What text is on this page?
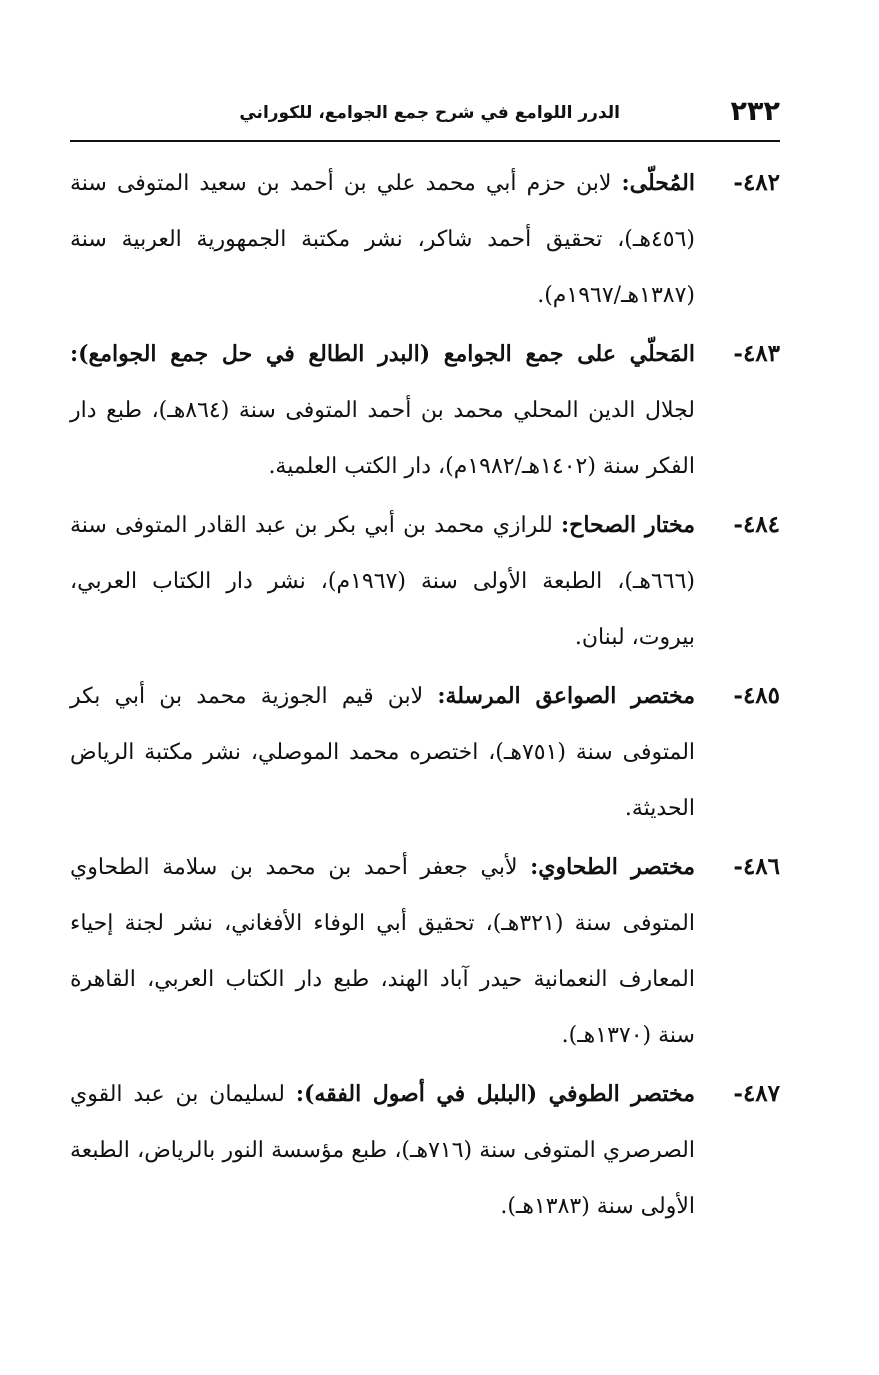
٢٣٢
الدرر اللوامع في شرح جمع الجوامع، للكوراني
٤٨٢-
المُحلّى: لابن حزم أبي محمد علي بن أحمد بن سعيد المتوفى سنة (٤٥٦هـ)، تحقيق أحمد شاكر، نشر مكتبة الجمهورية العربية سنة (١٣٨٧هـ/١٩٦٧م).
٤٨٣-
المَحلّي على جمع الجوامع (البدر الطالع في حل جمع الجوامع): لجلال الدين المحلي محمد بن أحمد المتوفى سنة (٨٦٤هـ)، طبع دار الفكر سنة (١٤٠٢هـ/١٩٨٢م)، دار الكتب العلمية.
٤٨٤-
مختار الصحاح: للرازي محمد بن أبي بكر بن عبد القادر المتوفى سنة (٦٦٦هـ)، الطبعة الأولى سنة (١٩٦٧م)، نشر دار الكتاب العربي، بيروت، لبنان.
٤٨٥-
مختصر الصواعق المرسلة: لابن قيم الجوزية محمد بن أبي بكر المتوفى سنة (٧٥١هـ)، اختصره محمد الموصلي، نشر مكتبة الرياض الحديثة.
٤٨٦-
مختصر الطحاوي: لأبي جعفر أحمد بن محمد بن سلامة الطحاوي المتوفى سنة (٣٢١هـ)، تحقيق أبي الوفاء الأفغاني، نشر لجنة إحياء المعارف النعمانية حيدر آباد الهند، طبع دار الكتاب العربي، القاهرة سنة (١٣٧٠هـ).
٤٨٧-
مختصر الطوفي (البلبل في أصول الفقه): لسليمان بن عبد القوي الصرصري المتوفى سنة (٧١٦هـ)، طبع مؤسسة النور بالرياض، الطبعة الأولى سنة (١٣٨٣هـ).
